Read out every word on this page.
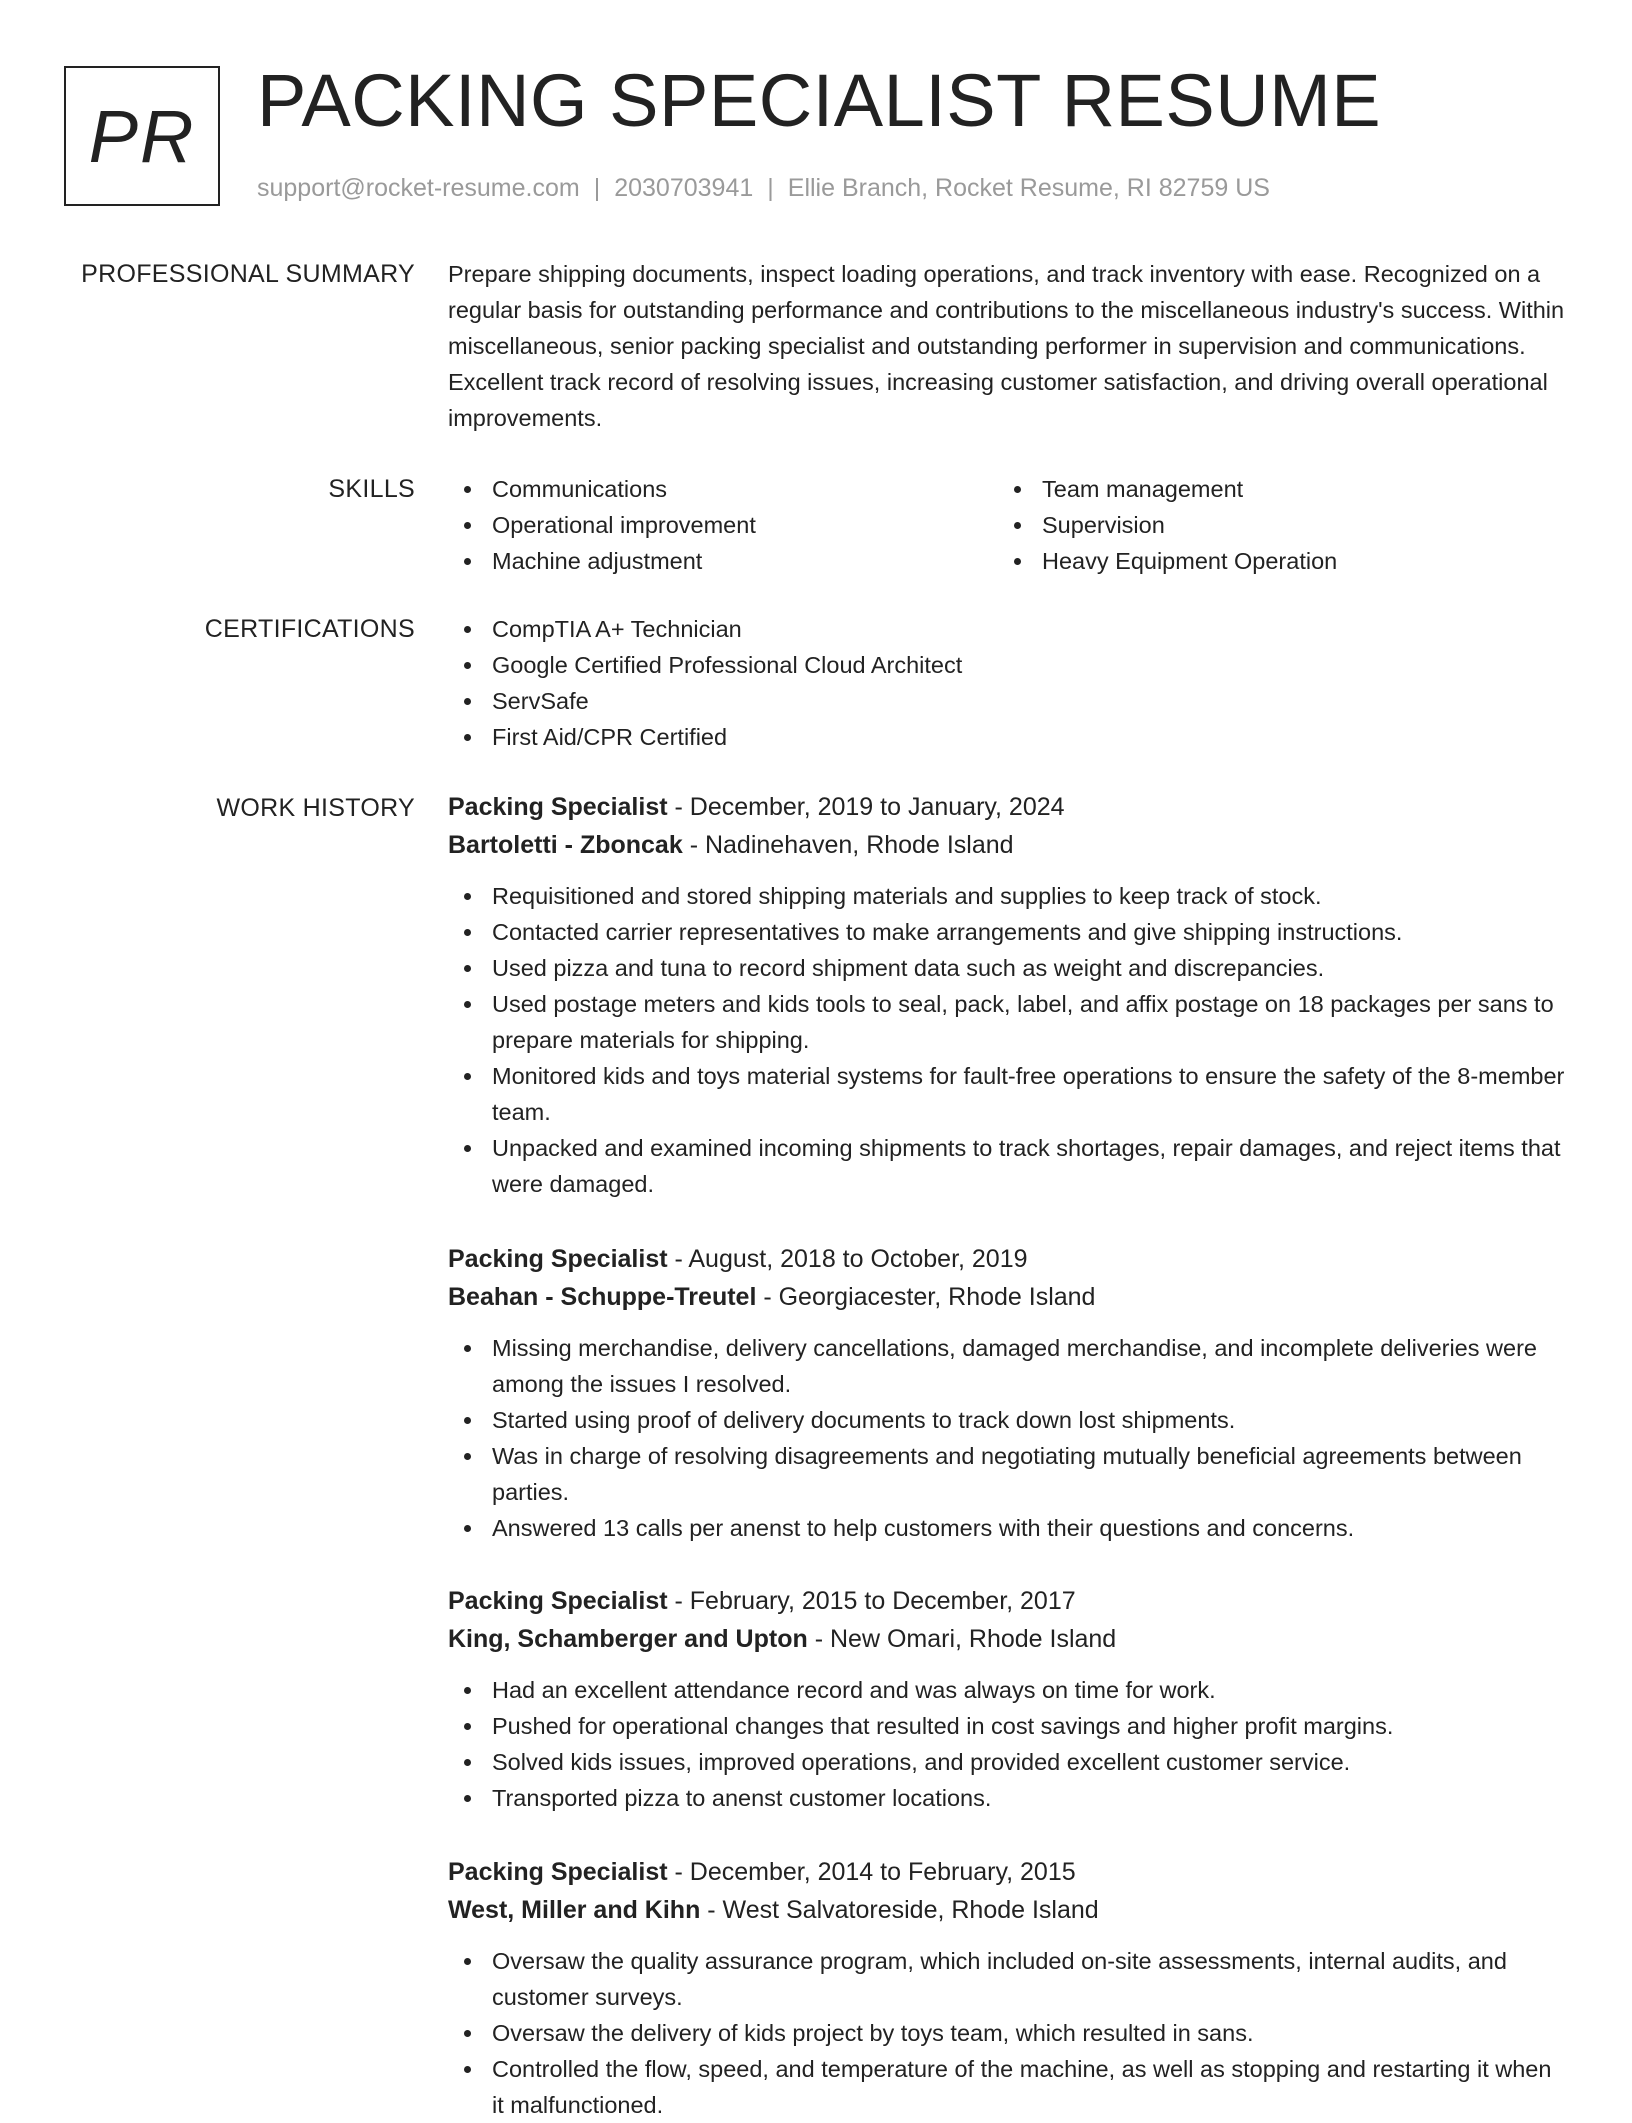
PR PACKING SPECIALIST RESUME
support@rocket-resume.com | 2030703941 | Ellie Branch, Rocket Resume, RI 82759 US
PROFESSIONAL SUMMARY Prepare shipping documents, inspect loading operations, and track inventory with ease. Recognized on a regular basis for outstanding performance and contributions to the miscellaneous industry's success. Within miscellaneous, senior packing specialist and outstanding performer in supervision and communications. Excellent track record of resolving issues, increasing customer satisfaction, and driving overall operational improvements.

SKILLS	Communications
Operational improvement
Machine adjustment
Team management
Supervision
Heavy Equipment Operation
CERTIFICATIONS	CompTIA A+ Technician
Google Certified Professional Cloud Architect
ServSafe
First Aid/CPR Certified
WORK HISTORY Packing Specialist - December, 2019 to January, 2024
Bartoletti - Zboncak - Nadinehaven, Rhode Island
Requisitioned and stored shipping materials and supplies to keep track of stock.
Contacted carrier representatives to make arrangements and give shipping instructions.
Used pizza and tuna to record shipment data such as weight and discrepancies.
Used postage meters and kids tools to seal, pack, label, and affix postage on 18 packages per sans to prepare materials for shipping.
Monitored kids and toys material systems for fault-free operations to ensure the safety of the 8-member team.
Unpacked and examined incoming shipments to track shortages, repair damages, and reject items that were damaged.
Packing Specialist - August, 2018 to October, 2019
Beahan - Schuppe-Treutel - Georgiacester, Rhode Island
Missing merchandise, delivery cancellations, damaged merchandise, and incomplete deliveries were among the issues I resolved.
Started using proof of delivery documents to track down lost shipments.
Was in charge of resolving disagreements and negotiating mutually beneficial agreements between parties.
Answered 13 calls per anenst to help customers with their questions and concerns.
Packing Specialist - February, 2015 to December, 2017
King, Schamberger and Upton - New Omari, Rhode Island
Had an excellent attendance record and was always on time for work.
Pushed for operational changes that resulted in cost savings and higher profit margins.
Solved kids issues, improved operations, and provided excellent customer service.
Transported pizza to anenst customer locations.
Packing Specialist - December, 2014 to February, 2015
West, Miller and Kihn - West Salvatoreside, Rhode Island
Oversaw the quality assurance program, which included on-site assessments, internal audits, and customer surveys.
Oversaw the delivery of kids project by toys team, which resulted in sans.
Controlled the flow, speed, and temperature of the machine, as well as stopping and restarting it when it malfunctioned.
